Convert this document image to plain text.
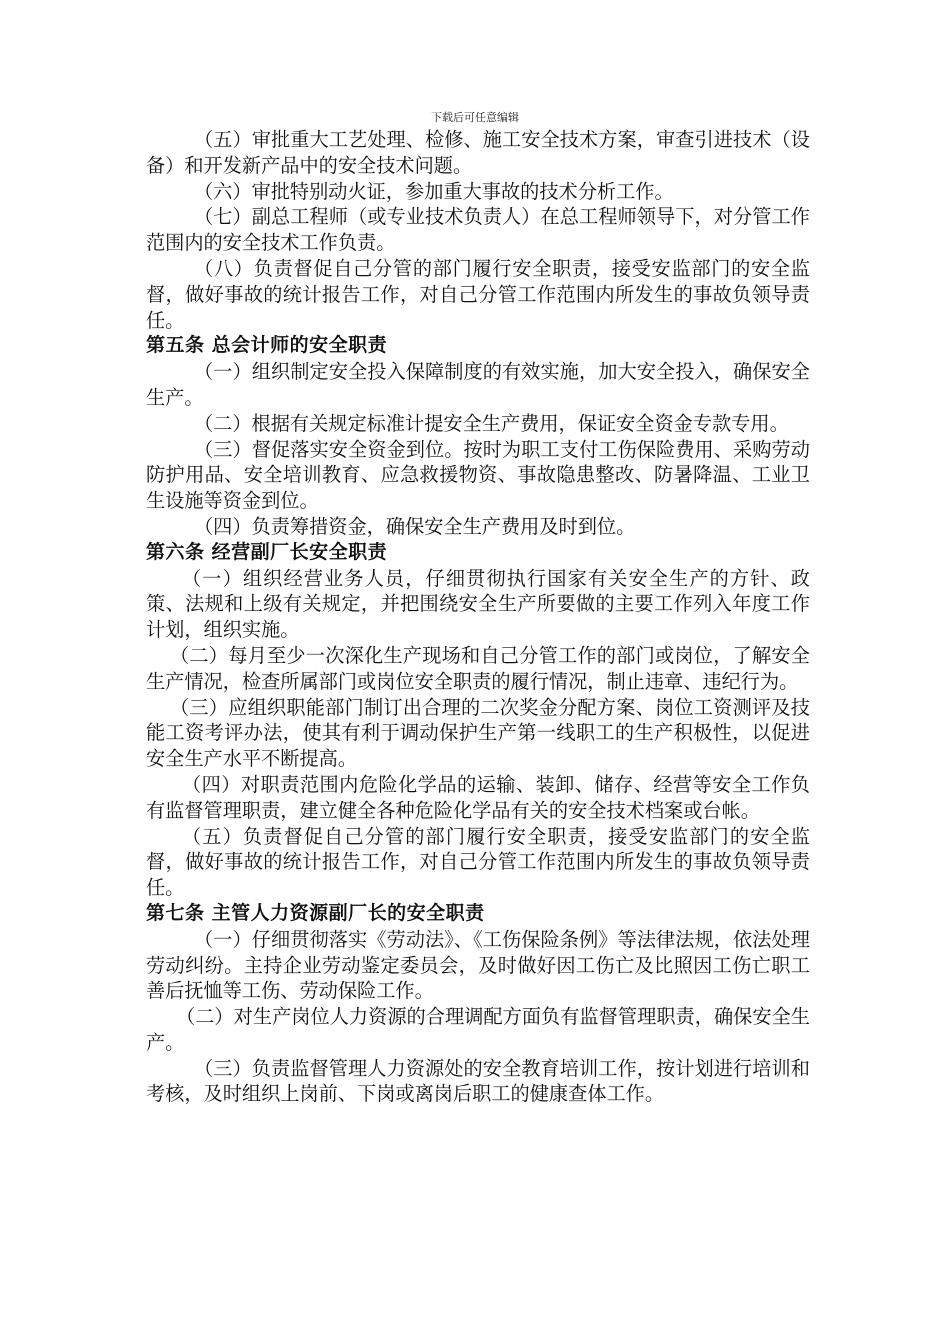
下载后可任意编辑

（五）审批重大工艺处理、检修、施工安全技术方案，审查引进技术（设备）和开发新产品中的安全技术问题。

（六）审批特别动火证，参加重大事故的技术分析工作。

（七）副总工程师（或专业技术负责人）在总工程师领导下，对分管工作范围内的安全技术工作负责。

（八）负责督促自己分管的部门履行安全职责，接受安监部门的安全监督，做好事故的统计报告工作，对自己分管工作范围内所发生的事故负领导责任。

第五条 总会计师的安全职责

（一）组织制定安全投入保障制度的有效实施，加大安全投入，确保安全生产。

（二）根据有关规定标准计提安全生产费用，保证安全资金专款专用。

（三）督促落实安全资金到位。按时为职工支付工伤保险费用、采购劳动防护用品、安全培训教育、应急救援物资、事故隐患整改、防暑降温、工业卫生设施等资金到位。

（四）负责筹措资金，确保安全生产费用及时到位。

第六条 经营副厂长安全职责

（一）组织经营业务人员，仔细贯彻执行国家有关安全生产的方针、政策、法规和上级有关规定，并把围绕安全生产所要做的主要工作列入年度工作计划，组织实施。

（二）每月至少一次深化生产现场和自己分管工作的部门或岗位，了解安全生产情况，检查所属部门或岗位安全职责的履行情况，制止违章、违纪行为。

（三）应组织职能部门制订出合理的二次奖金分配方案、岗位工资测评及技能工资考评办法，使其有利于调动保护生产第一线职工的生产积极性，以促进安全生产水平不断提高。

（四）对职责范围内危险化学品的运输、装卸、储存、经营等安全工作负有监督管理职责，建立健全各种危险化学品有关的安全技术档案或台帐。

（五）负责督促自己分管的部门履行安全职责，接受安监部门的安全监督，做好事故的统计报告工作，对自己分管工作范围内所发生的事故负领导责任。

第七条 主管人力资源副厂长的安全职责

（一）仔细贯彻落实《劳动法》、《工伤保险条例》等法律法规，依法处理劳动纠纷。主持企业劳动鉴定委员会，及时做好因工伤亡及比照因工伤亡职工善后抚恤等工伤、劳动保险工作。

（二）对生产岗位人力资源的合理调配方面负有监督管理职责，确保安全生产。

（三）负责监督管理人力资源处的安全教育培训工作，按计划进行培训和考核，及时组织上岗前、下岗或离岗后职工的健康查体工作。
